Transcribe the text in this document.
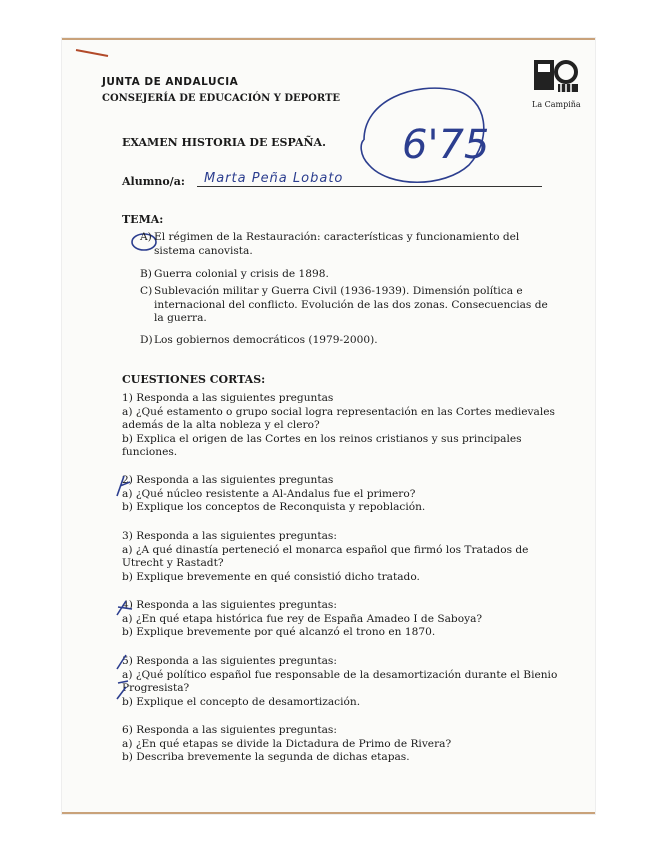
JUNTA DE ANDALUCIA
CONSEJERÍA DE EDUCACIÓN Y DEPORTE
La Campiña
EXAMEN HISTORIA DE ESPAÑA.
Alumno/a: Marta Peña Lobato
6'75
TEMA:
A) El régimen de la Restauración: características y funcionamiento del sistema canovista.
B) Guerra colonial y crisis de 1898.
C) Sublevación militar y Guerra Civil (1936-1939). Dimensión política e internacional del conflicto. Evolución de las dos zonas. Consecuencias de la guerra.
D)Los gobiernos democráticos (1979-2000).
CUESTIONES CORTAS:
1) Responda a las siguientes preguntas
a) ¿Qué estamento o grupo social logra representación en las Cortes medievales además de la alta nobleza y el clero?
b) Explica el origen de las Cortes en los reinos cristianos y sus principales funciones.
2) Responda a las siguientes preguntas
a) ¿Qué núcleo resistente a Al-Andalus fue el primero?
b) Explique los conceptos de Reconquista y repoblación.
3) Responda a las siguientes preguntas:
a) ¿A qué dinastía perteneció el monarca español que firmó los Tratados de Utrecht y Rastadt?
b) Explique brevemente en qué consistió dicho tratado.
4) Responda a las siguientes preguntas:
a) ¿En qué etapa histórica fue rey de España Amadeo I de Saboya?
b) Explique brevemente por qué alcanzó el trono en 1870.
5) Responda a las siguientes preguntas:
a) ¿Qué político español fue responsable de la desamortización durante el Bienio Progresista?
b) Explique el concepto de desamortización.
6) Responda a las siguientes preguntas:
a) ¿En qué etapas se divide la Dictadura de Primo de Rivera?
b) Describa brevemente la segunda de dichas etapas.
